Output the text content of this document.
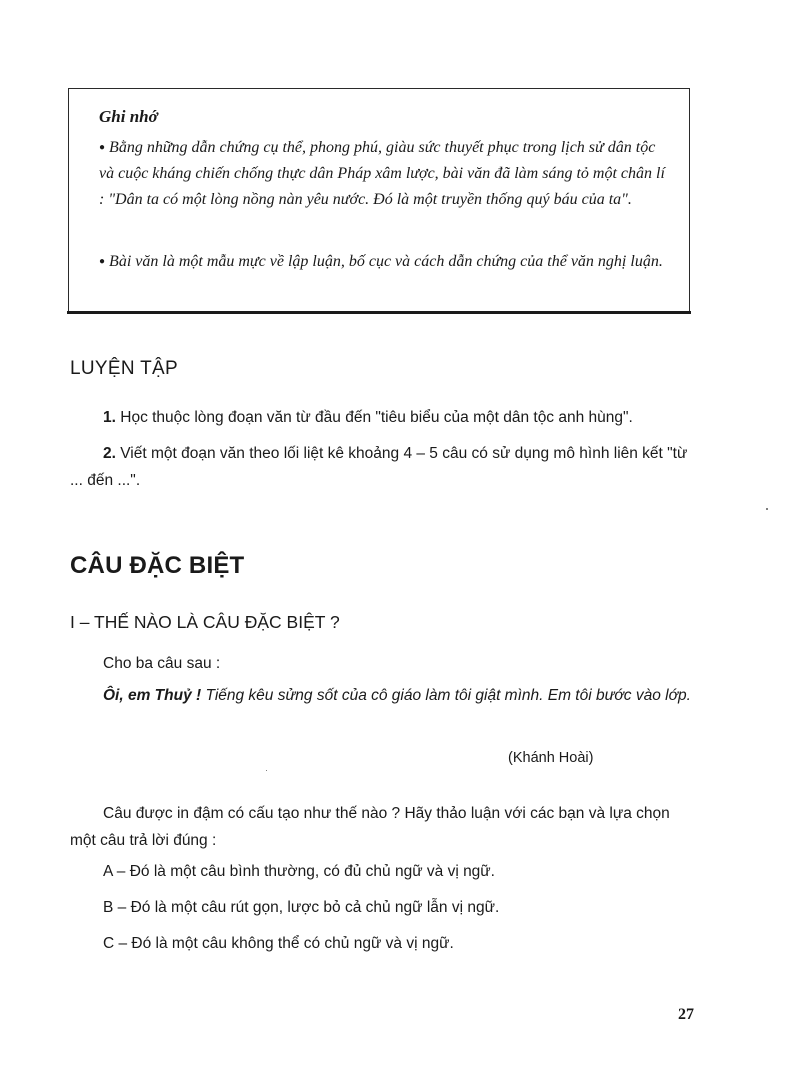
Ghi nhớ
● Bằng những dẫn chứng cụ thể, phong phú, giàu sức thuyết phục trong lịch sử dân tộc và cuộc kháng chiến chống thực dân Pháp xâm lược, bài văn đã làm sáng tỏ một chân lí : "Dân ta có một lòng nồng nàn yêu nước. Đó là một truyền thống quý báu của ta".
● Bài văn là một mẫu mực về lập luận, bố cục và cách dẫn chứng của thể văn nghị luận.
LUYỆN TẬP
1. Học thuộc lòng đoạn văn từ đầu đến "tiêu biểu của một dân tộc anh hùng".
2. Viết một đoạn văn theo lối liệt kê khoảng 4 – 5 câu có sử dụng mô hình liên kết "từ ... đến ...".
CÂU ĐẶC BIỆT
I – THẾ NÀO LÀ CÂU ĐẶC BIỆT ?
Cho ba câu sau :
Ôi, em Thuỷ ! Tiếng kêu sửng sốt của cô giáo làm tôi giật mình. Em tôi bước vào lớp.
(Khánh Hoài)
Câu được in đậm có cấu tạo như thế nào ? Hãy thảo luận với các bạn và lựa chọn một câu trả lời đúng :
A – Đó là một câu bình thường, có đủ chủ ngữ và vị ngữ.
B – Đó là một câu rút gọn, lược bỏ cả chủ ngữ lẫn vị ngữ.
C – Đó là một câu không thể có chủ ngữ và vị ngữ.
27
